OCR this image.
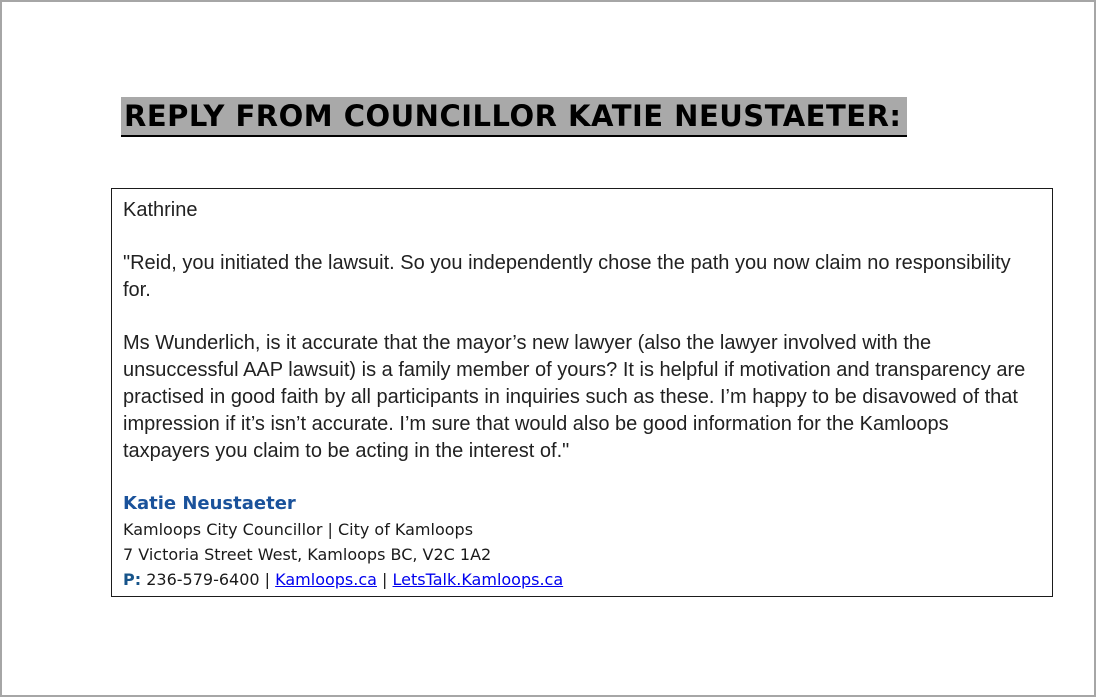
REPLY FROM COUNCILLOR KATIE NEUSTAETER:

Kathrine

"Reid, you initiated the lawsuit. So you independently chose the path you now claim no responsibility for.

Ms Wunderlich, is it accurate that the mayor’s new lawyer (also the lawyer involved with the unsuccessful AAP lawsuit) is a family member of yours? It is helpful if motivation and transparency are practised in good faith by all participants in inquiries such as these. I’m happy to be disavowed of that impression if it’s isn’t accurate. I’m sure that would also be good information for the Kamloops taxpayers you claim to be acting in the interest of."

Katie Neustaeter
Kamloops City Councillor | City of Kamloops
7 Victoria Street West, Kamloops BC, V2C 1A2
P: 236-579-6400 | Kamloops.ca | LetsTalk.Kamloops.ca
